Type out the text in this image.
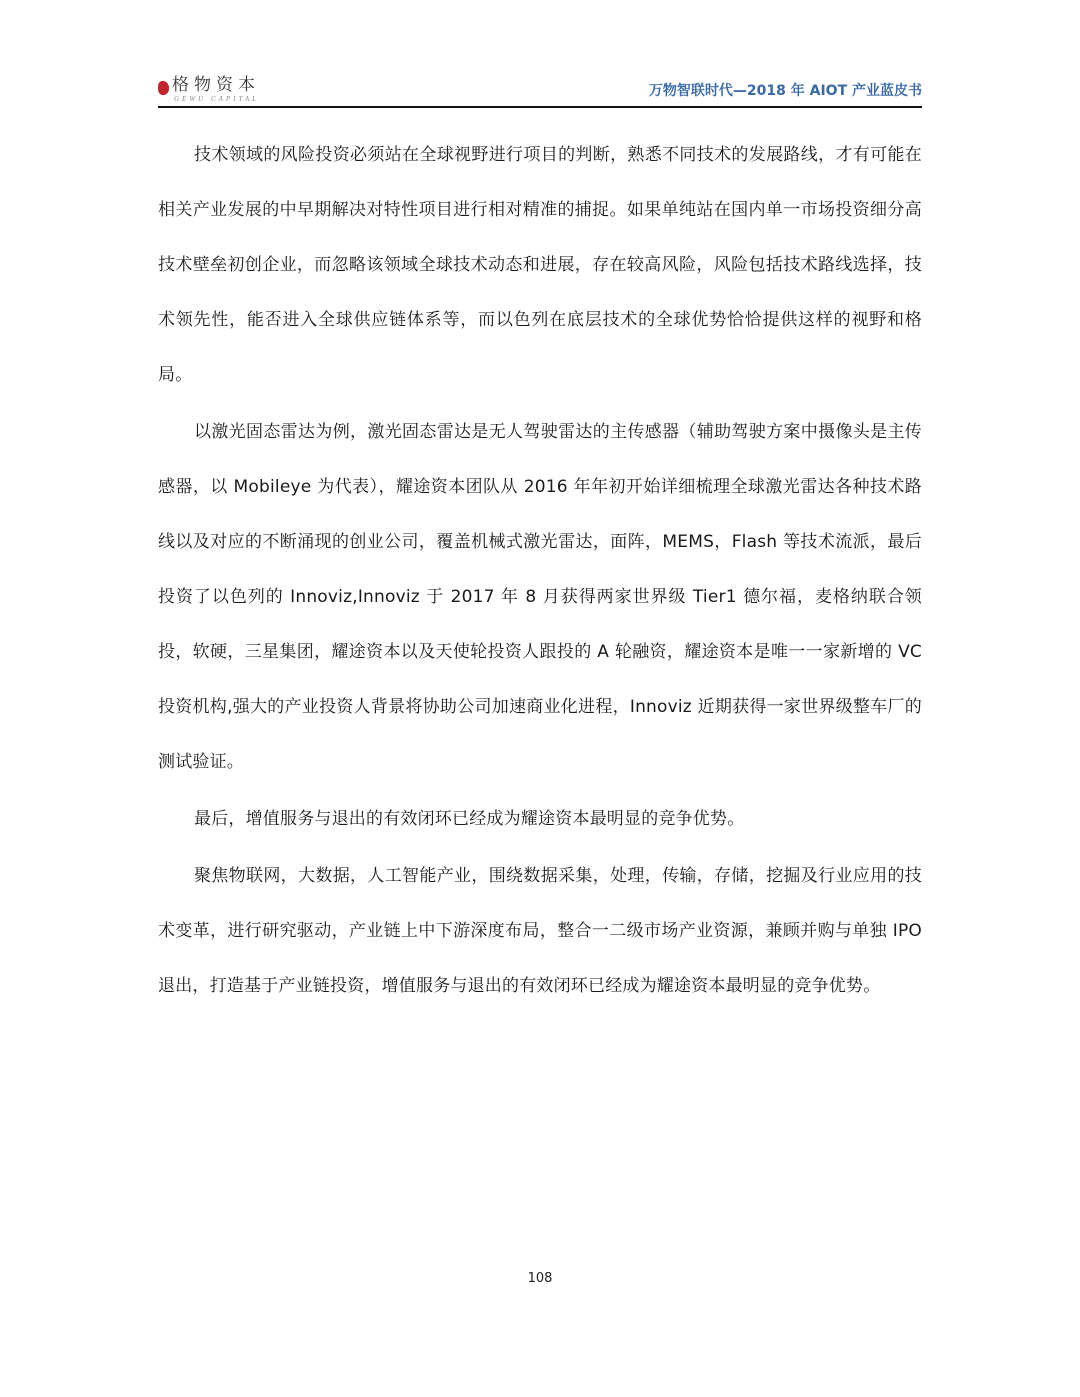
格物资本
GEWU CAPITAL	万物智联时代—2018 年 AIOT 产业蓝皮书

技术领域的风险投资必须站在全球视野进行项目的判断，熟悉不同技术的发展路线，才有可能在相关产业发展的中早期解决对特性项目进行相对精准的捕捉。如果单纯站在国内单一市场投资细分高技术壁垒初创企业，而忽略该领域全球技术动态和进展，存在较高风险，风险包括技术路线选择，技术领先性，能否进入全球供应链体系等，而以色列在底层技术的全球优势恰恰提供这样的视野和格局。

以激光固态雷达为例，激光固态雷达是无人驾驶雷达的主传感器（辅助驾驶方案中摄像头是主传感器，以 Mobileye 为代表），耀途资本团队从 2016 年年初开始详细梳理全球激光雷达各种技术路线以及对应的不断涌现的创业公司，覆盖机械式激光雷达，面阵，MEMS，Flash 等技术流派，最后投资了以色列的 Innoviz,Innoviz 于 2017 年 8 月获得两家世界级 Tier1 德尔福，麦格纳联合领投，软硬，三星集团，耀途资本以及天使轮投资人跟投的 A 轮融资，耀途资本是唯一一家新增的 VC 投资机构,强大的产业投资人背景将协助公司加速商业化进程，Innoviz 近期获得一家世界级整车厂的测试验证。

最后，增值服务与退出的有效闭环已经成为耀途资本最明显的竞争优势。

聚焦物联网，大数据，人工智能产业，围绕数据采集，处理，传输，存储，挖掘及行业应用的技术变革，进行研究驱动，产业链上中下游深度布局，整合一二级市场产业资源，兼顾并购与单独 IPO 退出，打造基于产业链投资，增值服务与退出的有效闭环已经成为耀途资本最明显的竞争优势。

108
